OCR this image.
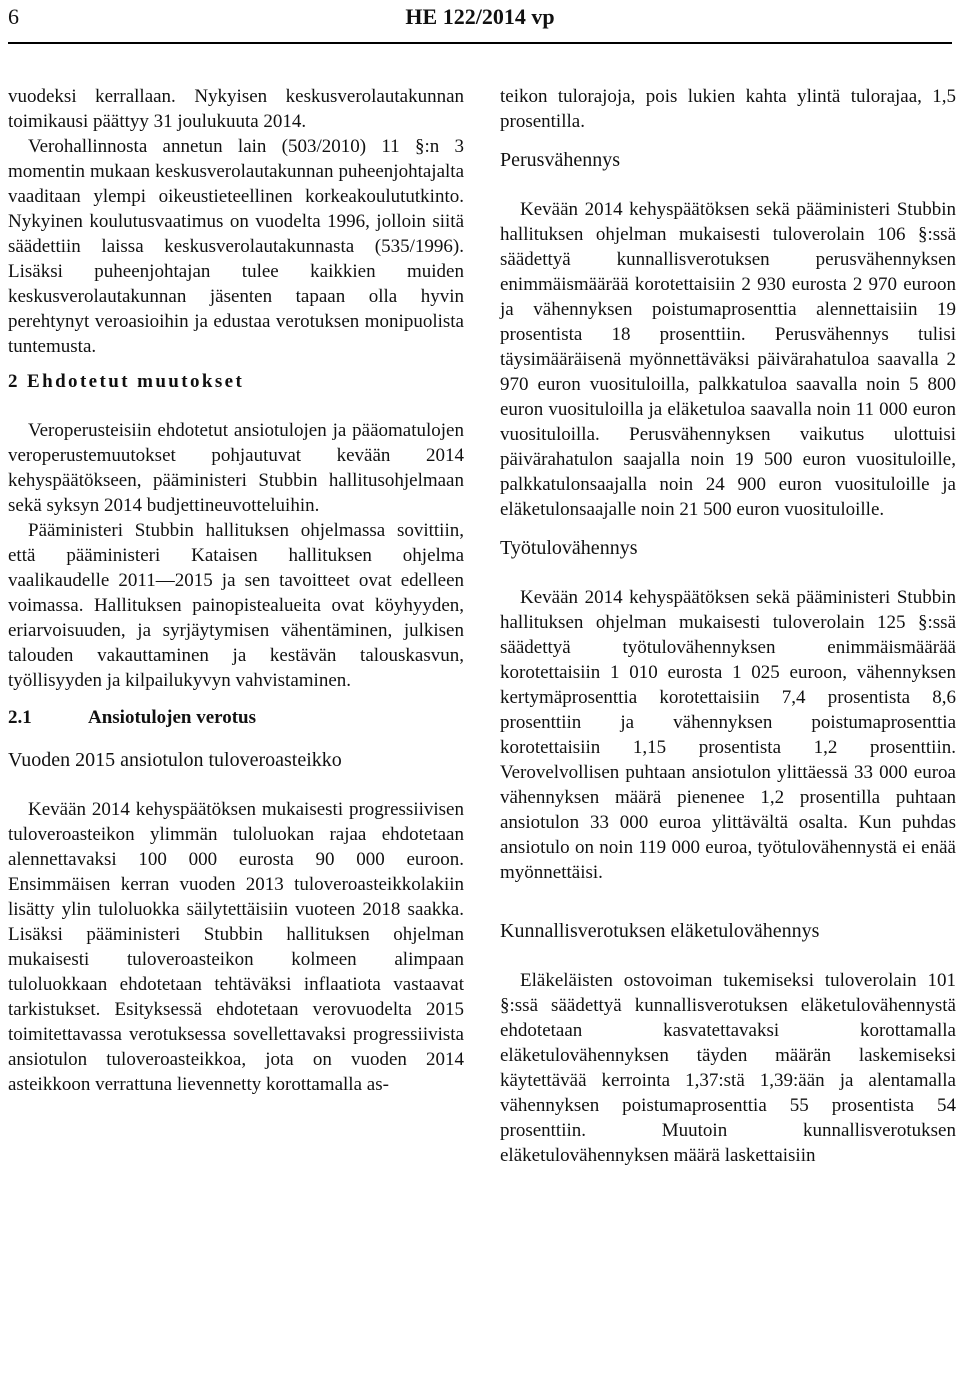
6	HE 122/2014 vp

vuodeksi kerrallaan. Nykyisen keskusverolautakunnan toimikausi päättyy 31 joulukuuta 2014.

Verohallinnosta annetun lain (503/2010) 11 §:n 3 momentin mukaan keskusverolautakunnan puheenjohtajalta vaaditaan ylempi oikeustieteellinen korkeakoulututkinto. Nykyinen koulutusvaatimus on vuodelta 1996, jolloin siitä säädettiin laissa keskusverolautakunnasta (535/1996). Lisäksi puheenjohtajan tulee kaikkien muiden keskusverolautakunnan jäsenten tapaan olla hyvin perehtynyt veroasioihin ja edustaa verotuksen monipuolista tuntemusta.

2 Ehdotetut muutokset

Veroperusteisiin ehdotetut ansiotulojen ja pääomatulojen veroperustemuutokset pohjautuvat kevään 2014 kehyspäätökseen, pääministeri Stubbin hallitusohjelmaan sekä syksyn 2014 budjettineuvotteluihin.

Pääministeri Stubbin hallituksen ohjelmassa sovittiin, että pääministeri Kataisen hallituksen ohjelma vaalikaudelle 2011—2015 ja sen tavoitteet ovat edelleen voimassa. Hallituksen painopistealueita ovat köyhyyden, eriarvoisuuden, ja syrjäytymisen vähentäminen, julkisen talouden vakauttaminen ja kestävän talouskasvun, työllisyyden ja kilpailukyvyn vahvistaminen.

2.1	Ansiotulojen verotus
Vuoden 2015 ansiotulon tuloveroasteikko

Kevään 2014 kehyspäätöksen mukaisesti progressiivisen tuloveroasteikon ylimmän tuloluokan rajaa ehdotetaan alennettavaksi 100 000 eurosta 90 000 euroon. Ensimmäisen kerran vuoden 2013 tuloveroasteikkolakiin lisätty ylin tuloluokka säilytettäisiin vuoteen 2018 saakka. Lisäksi pääministeri Stubbin hallituksen ohjelman mukaisesti tuloveroasteikon kolmeen alimpaan tuloluokkaan ehdotetaan tehtäväksi inflaatiota vastaavat tarkistukset. Esityksessä ehdotetaan verovuodelta 2015 toimitettavassa verotuksessa sovellettavaksi progressiivista ansiotulon tuloveroasteikkoa, jota on vuoden 2014 asteikkoon verrattuna lievennetty korottamalla as-

teikon tulorajoja, pois lukien kahta ylintä tulorajaa, 1,5 prosentilla.

Perusvähennys

Kevään 2014 kehyspäätöksen sekä pääministeri Stubbin hallituksen ohjelman mukaisesti tuloverolain 106 §:ssä säädettyä kunnallisverotuksen perusvähennyksen enimmäismäärää korotettaisiin 2 930 eurosta 2 970 euroon ja vähennyksen poistumaprosenttia alennettaisiin 19 prosentista 18 prosenttiin. Perusvähennys tulisi täysimääräisenä myönnettäväksi päivärahatuloa saavalla 2 970 euron vuosituloilla, palkkatuloa saavalla noin 5 800 euron vuosituloilla ja eläketuloa saavalla noin 11 000 euron vuosituloilla. Perusvähennyksen vaikutus ulottuisi päivärahatulon saajalla noin 19 500 euron vuosituloille, palkkatulonsaajalla noin 24 900 euron vuosituloille ja eläketulonsaajalle noin 21 500 euron vuosituloille.

Työtulovähennys

Kevään 2014 kehyspäätöksen sekä pääministeri Stubbin hallituksen ohjelman mukaisesti tuloverolain 125 §:ssä säädettyä työtulovähennyksen enimmäismäärää korotettaisiin 1 010 eurosta 1 025 euroon, vähennyksen kertymäprosenttia korotettaisiin 7,4 prosentista 8,6 prosenttiin ja vähennyksen poistumaprosenttia korotettaisiin 1,15 prosentista 1,2 prosenttiin. Verovelvollisen puhtaan ansiotulon ylittäessä 33 000 euroa vähennyksen määrä pienenee 1,2 prosentilla puhtaan ansiotulon 33 000 euroa ylittävältä osalta. Kun puhdas ansiotulo on noin 119 000 euroa, työtulovähennystä ei enää myönnettäisi.

Kunnallisverotuksen eläketulovähennys

Eläkeläisten ostovoiman tukemiseksi tuloverolain 101 §:ssä säädettyä kunnallisverotuksen eläketulovähennystä ehdotetaan kasvatettavaksi korottamalla eläketulovähennyksen täyden määrän laskemiseksi käytettävää kerrointa 1,37:stä 1,39:ään ja alentamalla vähennyksen poistumaprosenttia 55 prosentista 54 prosenttiin. Muutoin kunnallisverotuksen eläketulovähennyksen määrä laskettaisiin
